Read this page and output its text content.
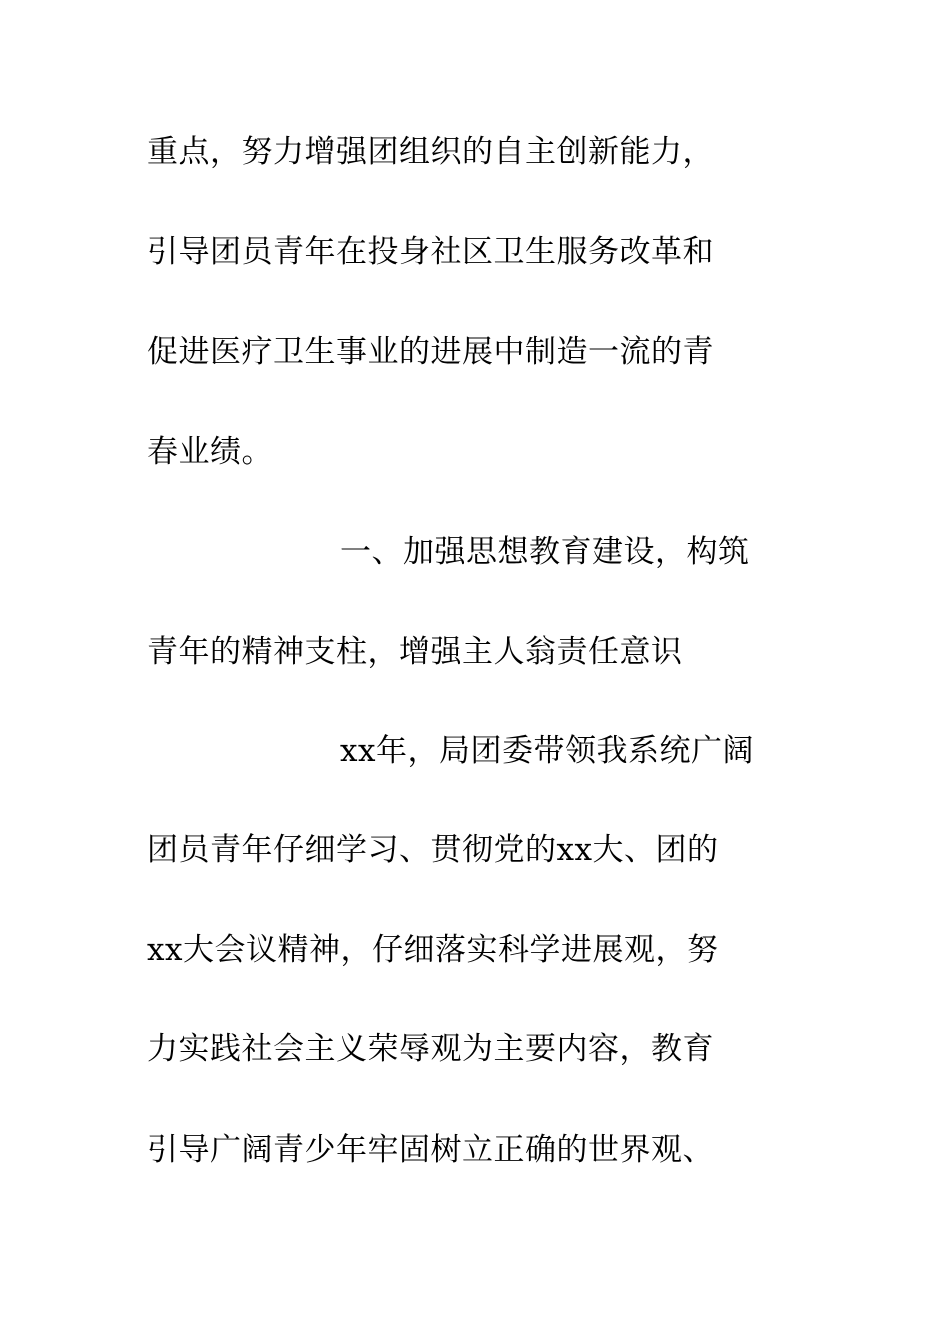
重点，努力增强团组织的自主创新能力，
引导团员青年在投身社区卫生服务改革和
促进医疗卫生事业的进展中制造一流的青
春业绩。
一、加强思想教育建设，构筑
青年的精神支柱，增强主人翁责任意识
xx年，局团委带领我系统广阔
团员青年仔细学习、贯彻党的xx大、团的
xx大会议精神，仔细落实科学进展观，努
力实践社会主义荣辱观为主要内容，教育
引导广阔青少年牢固树立正确的世界观、
